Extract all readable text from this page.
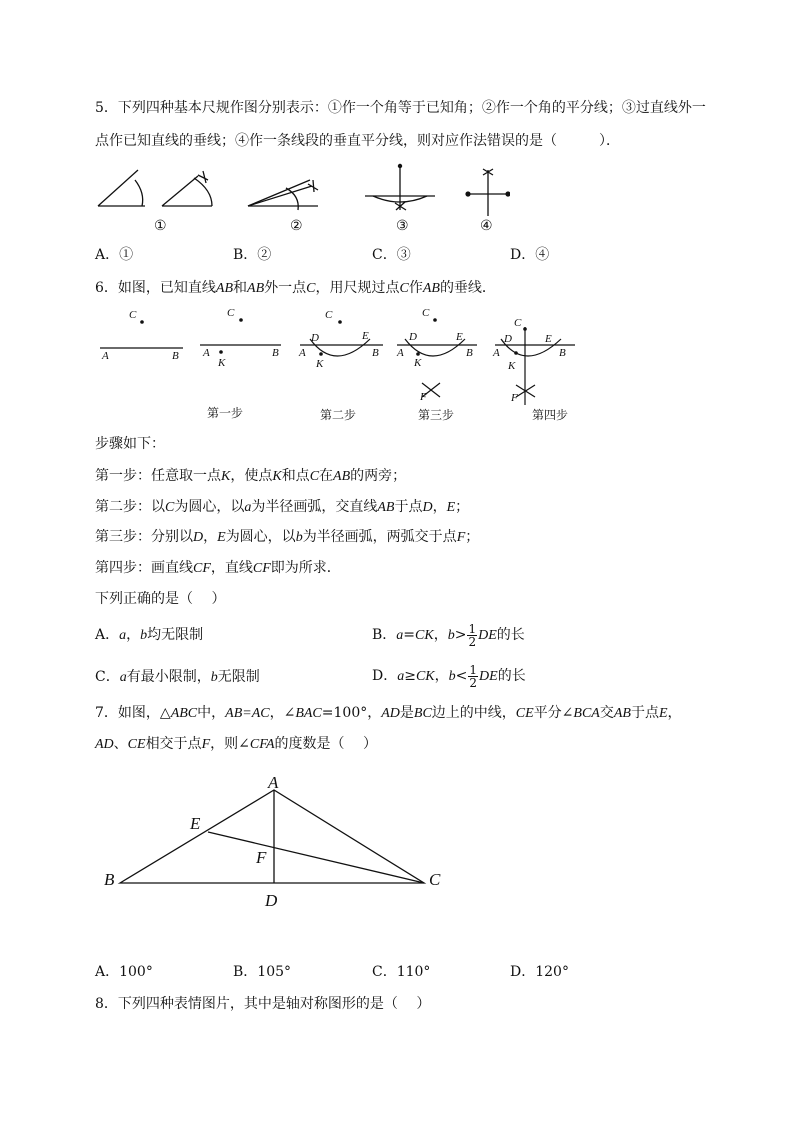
5．下列四种基本尺规作图分别表示：①作一个角等于已知角；②作一个角的平分线；③过直线外一
点作已知直线的垂线；④作一条线段的垂直平分线，则对应作法错误的是（　　　）．
①	②	③	④
A．①	B．②	C．③	D．④
6．如图，已知直线AB和AB外一点C，用尺规过点C作AB的垂线．
C
A	B
C
A	B
K
C
D	E
A	B
K
C
D	E
A	B
K
F
C
D	E
A	B
K
F
第一步	第二步	第三步	第四步
步骤如下：
第一步：任意取一点K，使点K和点C在AB的两旁；
第二步：以C为圆心，以a为半径画弧，交直线AB于点D，E；
第三步：分别以D，E为圆心，以b为半径画弧，两弧交于点F；
第四步：画直线CF，直线CF即为所求．
下列正确的是（　 ）
A．a，b均无限制	B．a=CK，$b> \frac{1}{2}$ DE的长
C．a有最小限制，b无限制	D．a≥CK，$b< \frac{1}{2}$ DE的长
7．如图，△ABC中，AB=AC，∠BAC=100°，AD是BC边上的中线，CE平分∠BCA交AB于点E，
AD、CE相交于点F，则∠CFA的度数是（　 ）
A
B	C
D
E
F
A．100°	B．105°	C．110°	D．120°
8．下列四种表情图片，其中是轴对称图形的是（　 ）
